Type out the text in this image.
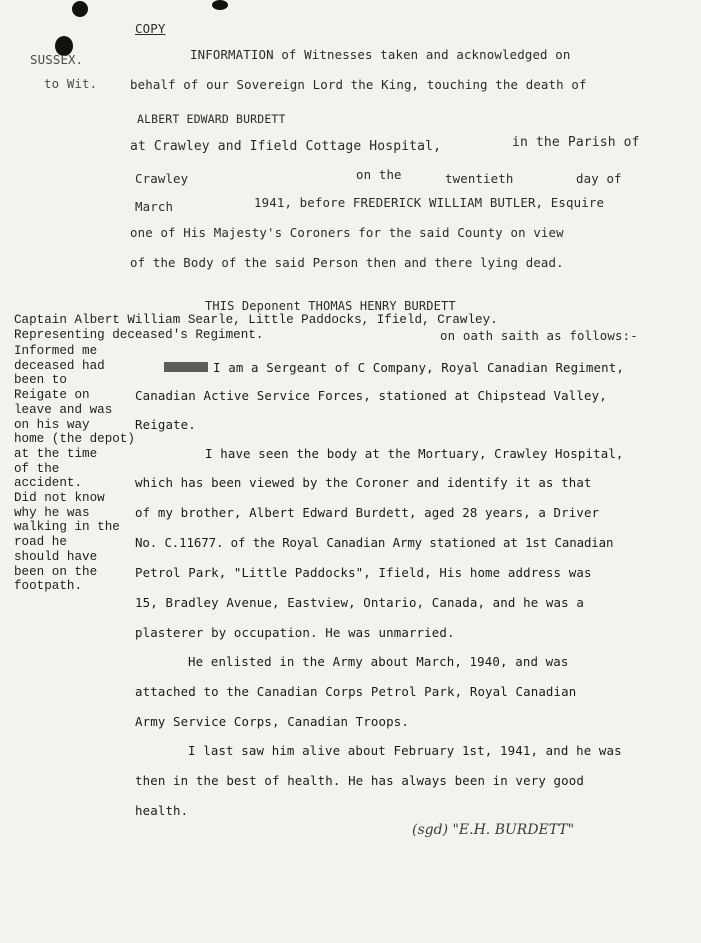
COPY
SUSSEX.
to Wit.
INFORMATION of Witnesses taken and acknowledged on
behalf of our Sovereign Lord the King, touching the death of
ALBERT EDWARD BURDETT
at Crawley and Ifield Cottage Hospital,	in the Parish of
Crawley	on the	twentieth	day of
March	1941, before FREDERICK WILLIAM BUTLER, Esquire
one of His Majesty's Coroners for the said County on view
of the Body of the said Person then and there lying dead.
THIS Deponent THOMAS HENRY BURDETT
Captain Albert William Searle, Little Paddocks, Ifield, Crawley.
Representing deceased's Regiment.	on oath saith as follows:-
Informed me
deceased had
been to
Reigate on
leave and was
on his way
home (the depot)
at the time
of the
accident.
Did not know
why he was
walking in the
road he
should have
been on the
footpath.
I am a Sergeant of C Company, Royal Canadian Regiment,
Canadian Active Service Forces, stationed at Chipstead Valley,
Reigate.
I have seen the body at the Mortuary, Crawley Hospital,
which has been viewed by the Coroner and identify it as that
of my brother, Albert Edward Burdett, aged 28 years, a Driver
No. C.11677. of the Royal Canadian Army stationed at 1st Canadian
Petrol Park, "Little Paddocks", Ifield, His home address was
15, Bradley Avenue, Eastview, Ontario, Canada, and he was a
plasterer by occupation. He was unmarried.
He enlisted in the Army about March, 1940, and was
attached to the Canadian Corps Petrol Park, Royal Canadian
Army Service Corps, Canadian Troops.
I last saw him alive about February 1st, 1941, and he was
then in the best of health. He has always been in very good
health.
(sgd) "E.H. BURDETT"
